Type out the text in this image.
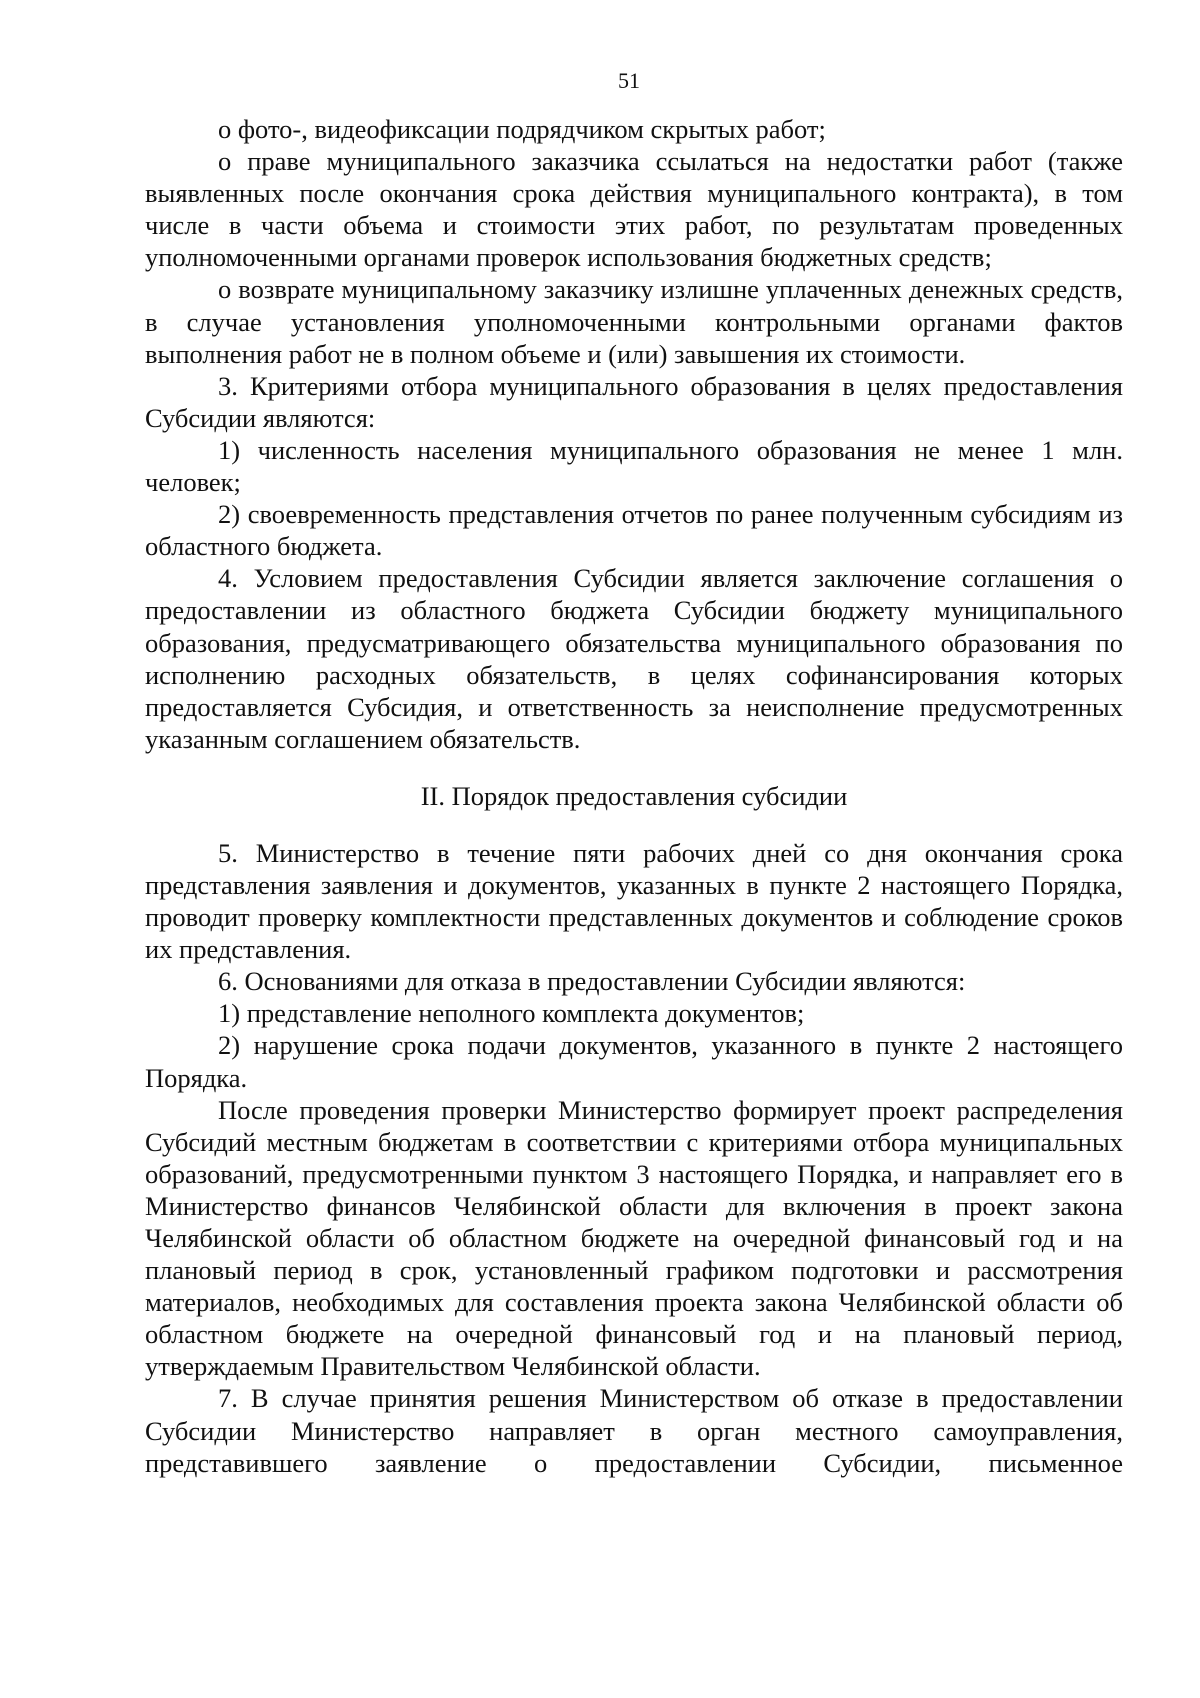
51

о фото-, видеофиксации подрядчиком скрытых работ;

о праве муниципального заказчика ссылаться на недостатки работ (также выявленных после окончания срока действия муниципального контракта), в том числе в части объема и стоимости этих работ, по результатам проведенных уполномоченными органами проверок использования бюджетных средств;

о возврате муниципальному заказчику излишне уплаченных денежных средств, в случае установления уполномоченными контрольными органами фактов выполнения работ не в полном объеме и (или) завышения их стоимости.

3. Критериями отбора муниципального образования в целях предоставления Субсидии являются:

1) численность населения муниципального образования не менее 1 млн. человек;

2) своевременность представления отчетов по ранее полученным субсидиям из областного бюджета.

4. Условием предоставления Субсидии является заключение соглашения о предоставлении из областного бюджета Субсидии бюджету муниципального образования, предусматривающего обязательства муниципального образования по исполнению расходных обязательств, в целях софинансирования которых предоставляется Субсидия, и ответственность за неисполнение предусмотренных указанным соглашением обязательств.

II. Порядок предоставления субсидии

5. Министерство в течение пяти рабочих дней со дня окончания срока представления заявления и документов, указанных в пункте 2 настоящего Порядка, проводит проверку комплектности представленных документов и соблюдение сроков их представления.

6. Основаниями для отказа в предоставлении Субсидии являются:

1) представление неполного комплекта документов;

2) нарушение срока подачи документов, указанного в пункте 2 настоящего Порядка.

После проведения проверки Министерство формирует проект распределения Субсидий местным бюджетам в соответствии с критериями отбора муниципальных образований, предусмотренными пунктом 3 настоящего Порядка, и направляет его в Министерство финансов Челябинской области для включения в проект закона Челябинской области об областном бюджете на очередной финансовый год и на плановый период в срок, установленный графиком подготовки и рассмотрения материалов, необходимых для составления проекта закона Челябинской области об областном бюджете на очередной финансовый год и на плановый период, утверждаемым Правительством Челябинской области.

7. В случае принятия решения Министерством об отказе в предоставлении Субсидии Министерство направляет в орган местного самоуправления, представившего заявление о предоставлении Субсидии, письменное
